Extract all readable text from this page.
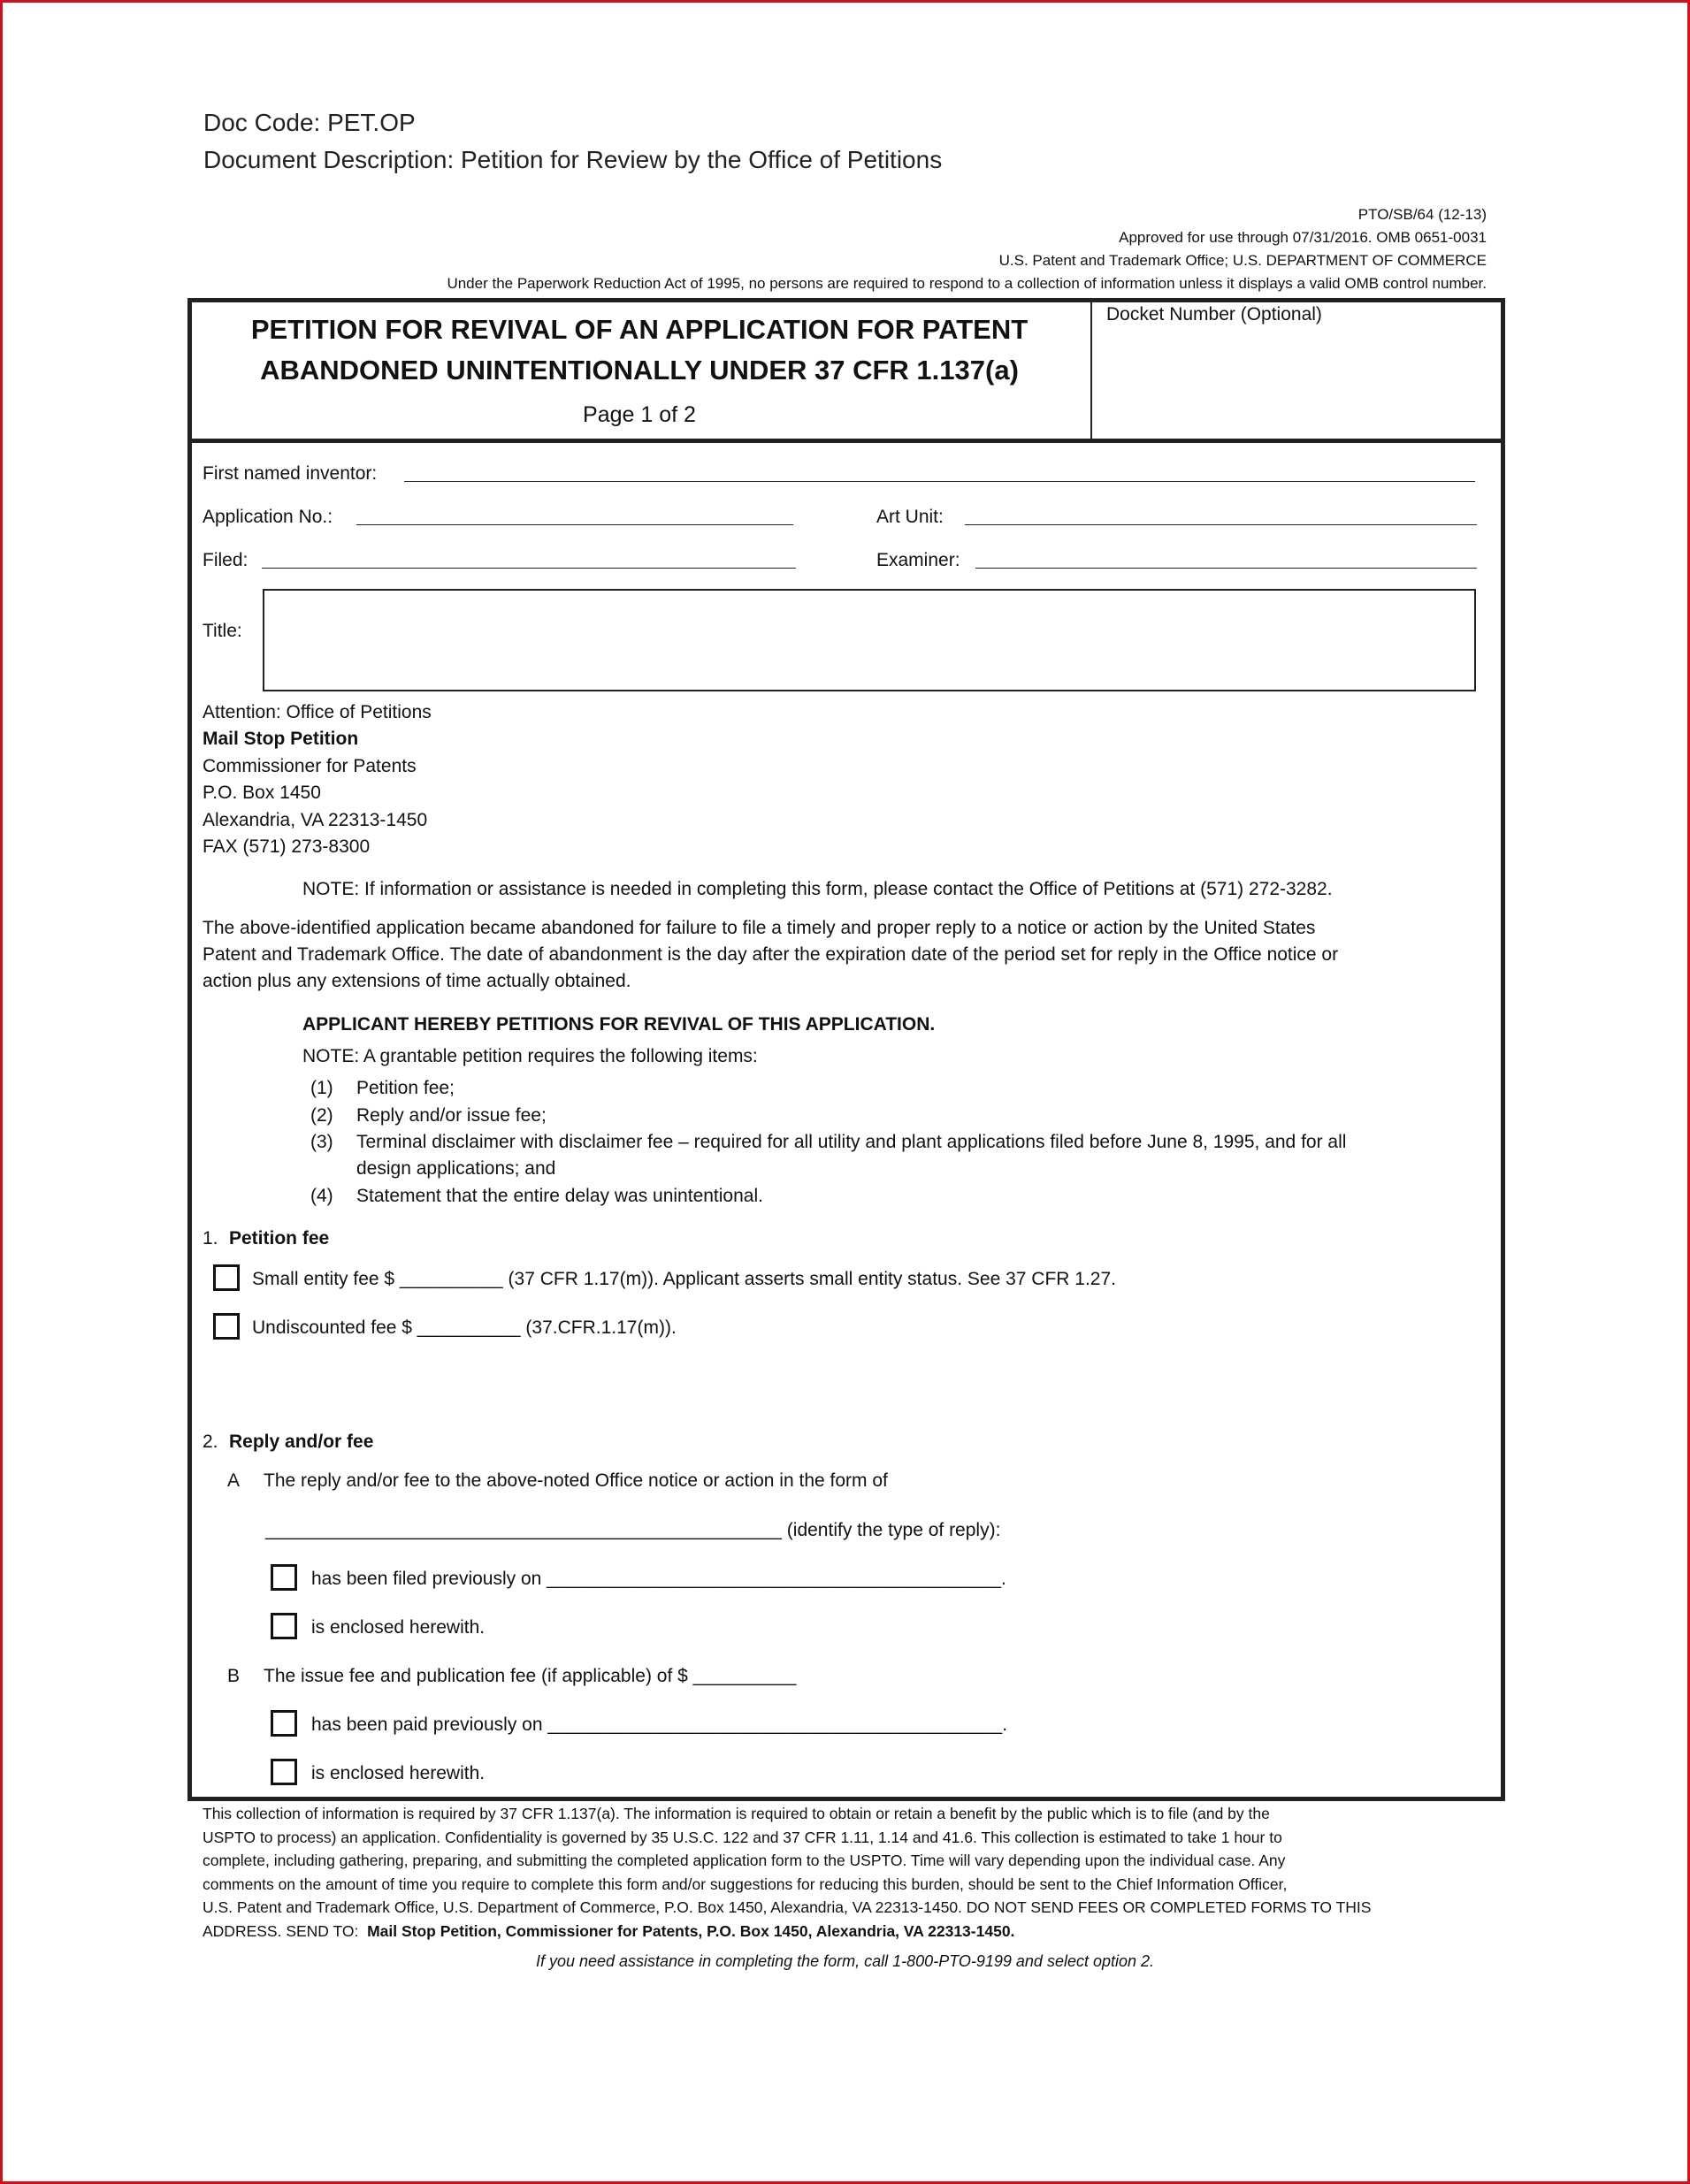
Doc Code: PET.OP
Document Description: Petition for Review by the Office of Petitions
PTO/SB/64 (12-13)
Approved for use through 07/31/2016. OMB 0651-0031
U.S. Patent and Trademark Office; U.S. DEPARTMENT OF COMMERCE
Under the Paperwork Reduction Act of 1995, no persons are required to respond to a collection of information unless it displays a valid OMB control number.
PETITION FOR REVIVAL OF AN APPLICATION FOR PATENT
ABANDONED UNINTENTIONALLY UNDER 37 CFR 1.137(a)
Page 1 of 2
Docket Number (Optional)
First named inventor:
Application No.:	Art Unit:
Filed:	Examiner:
Title:
Attention: Office of Petitions
Mail Stop Petition
Commissioner for Patents
P.O. Box 1450
Alexandria, VA 22313-1450
FAX (571) 273-8300
NOTE: If information or assistance is needed in completing this form, please contact the Office of Petitions at (571) 272-3282.
The above-identified application became abandoned for failure to file a timely and proper reply to a notice or action by the United States
Patent and Trademark Office. The date of abandonment is the day after the expiration date of the period set for reply in the Office notice or
action plus any extensions of time actually obtained.
APPLICANT HEREBY PETITIONS FOR REVIVAL OF THIS APPLICATION.
NOTE: A grantable petition requires the following items:
(1) Petition fee;
(2) Reply and/or issue fee;
(3) Terminal disclaimer with disclaimer fee – required for all utility and plant applications filed before June 8, 1995, and for all
design applications; and
(4) Statement that the entire delay was unintentional.
1. Petition fee
Small entity fee $ __________ (37 CFR 1.17(m)). Applicant asserts small entity status. See 37 CFR 1.27.
Undiscounted fee $ __________ (37.CFR.1.17(m)).
2. Reply and/or fee
A The reply and/or fee to the above-noted Office notice or action in the form of
__________________________________________________ (identify the type of reply):
has been filed previously on ____________________________________________.
is enclosed herewith.
B The issue fee and publication fee (if applicable) of $ __________
has been paid previously on ____________________________________________.
is enclosed herewith.
This collection of information is required by 37 CFR 1.137(a). The information is required to obtain or retain a benefit by the public which is to file (and by the
USPTO to process) an application. Confidentiality is governed by 35 U.S.C. 122 and 37 CFR 1.11, 1.14 and 41.6. This collection is estimated to take 1 hour to
complete, including gathering, preparing, and submitting the completed application form to the USPTO. Time will vary depending upon the individual case. Any
comments on the amount of time you require to complete this form and/or suggestions for reducing this burden, should be sent to the Chief Information Officer,
U.S. Patent and Trademark Office, U.S. Department of Commerce, P.O. Box 1450, Alexandria, VA 22313-1450. DO NOT SEND FEES OR COMPLETED FORMS TO THIS
ADDRESS. SEND TO: Mail Stop Petition, Commissioner for Patents, P.O. Box 1450, Alexandria, VA 22313-1450.
If you need assistance in completing the form, call 1-800-PTO-9199 and select option 2.
